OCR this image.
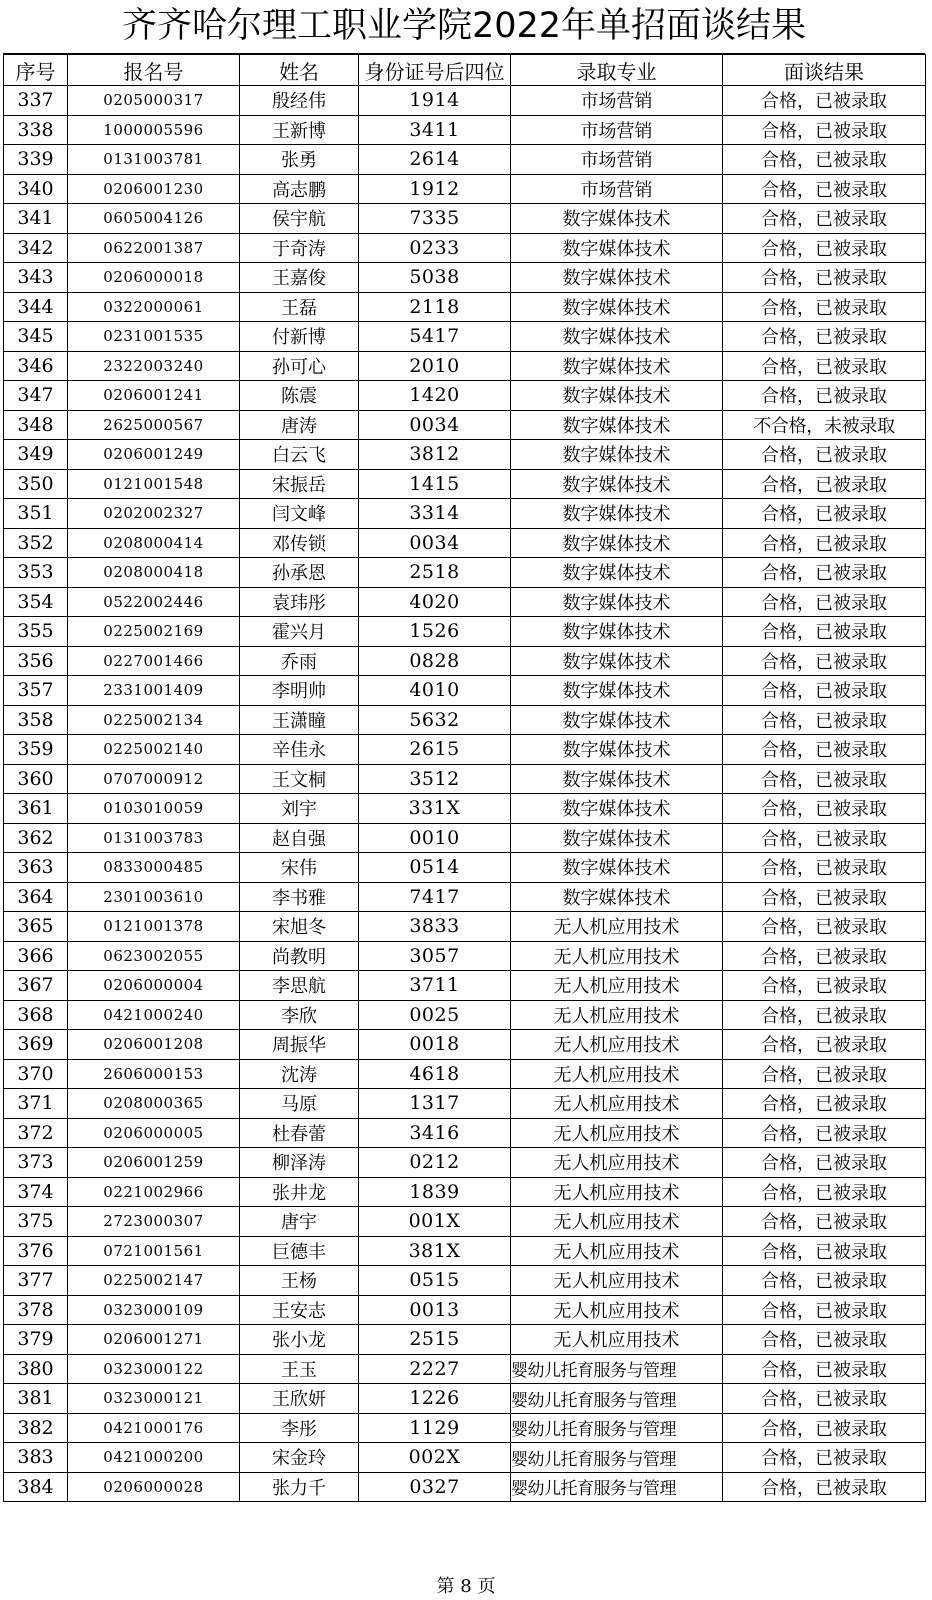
齐齐哈尔理工职业学院2022年单招面谈结果
序号	报名号	姓名	身份证号后四位	录取专业	面谈结果
337	0205000317	殷经伟	1914	市场营销	合格，已被录取
338	1000005596	王新博	3411	市场营销	合格，已被录取
339	0131003781	张勇	2614	市场营销	合格，已被录取
340	0206001230	高志鹏	1912	市场营销	合格，已被录取
341	0605004126	侯宇航	7335	数字媒体技术	合格，已被录取
342	0622001387	于奇涛	0233	数字媒体技术	合格，已被录取
343	0206000018	王嘉俊	5038	数字媒体技术	合格，已被录取
344	0322000061	王磊	2118	数字媒体技术	合格，已被录取
345	0231001535	付新博	5417	数字媒体技术	合格，已被录取
346	2322003240	孙可心	2010	数字媒体技术	合格，已被录取
347	0206001241	陈震	1420	数字媒体技术	合格，已被录取
348	2625000567	唐涛	0034	数字媒体技术	不合格，未被录取
349	0206001249	白云飞	3812	数字媒体技术	合格，已被录取
350	0121001548	宋振岳	1415	数字媒体技术	合格，已被录取
351	0202002327	闫文峰	3314	数字媒体技术	合格，已被录取
352	0208000414	邓传锁	0034	数字媒体技术	合格，已被录取
353	0208000418	孙承恩	2518	数字媒体技术	合格，已被录取
354	0522002446	袁玮彤	4020	数字媒体技术	合格，已被录取
355	0225002169	霍兴月	1526	数字媒体技术	合格，已被录取
356	0227001466	乔雨	0828	数字媒体技术	合格，已被录取
357	2331001409	李明帅	4010	数字媒体技术	合格，已被录取
358	0225002134	王潇瞳	5632	数字媒体技术	合格，已被录取
359	0225002140	辛佳永	2615	数字媒体技术	合格，已被录取
360	0707000912	王文桐	3512	数字媒体技术	合格，已被录取
361	0103010059	刘宇	331X	数字媒体技术	合格，已被录取
362	0131003783	赵自强	0010	数字媒体技术	合格，已被录取
363	0833000485	宋伟	0514	数字媒体技术	合格，已被录取
364	2301003610	李书雅	7417	数字媒体技术	合格，已被录取
365	0121001378	宋旭冬	3833	无人机应用技术	合格，已被录取
366	0623002055	尚教明	3057	无人机应用技术	合格，已被录取
367	0206000004	李思航	3711	无人机应用技术	合格，已被录取
368	0421000240	李欣	0025	无人机应用技术	合格，已被录取
369	0206001208	周振华	0018	无人机应用技术	合格，已被录取
370	2606000153	沈涛	4618	无人机应用技术	合格，已被录取
371	0208000365	马原	1317	无人机应用技术	合格，已被录取
372	0206000005	杜春蕾	3416	无人机应用技术	合格，已被录取
373	0206001259	柳泽涛	0212	无人机应用技术	合格，已被录取
374	0221002966	张井龙	1839	无人机应用技术	合格，已被录取
375	2723000307	唐宇	001X	无人机应用技术	合格，已被录取
376	0721001561	巨德丰	381X	无人机应用技术	合格，已被录取
377	0225002147	王杨	0515	无人机应用技术	合格，已被录取
378	0323000109	王安志	0013	无人机应用技术	合格，已被录取
379	0206001271	张小龙	2515	无人机应用技术	合格，已被录取
380	0323000122	王玉	2227	婴幼儿托育服务与管理	合格，已被录取
381	0323000121	王欣妍	1226	婴幼儿托育服务与管理	合格，已被录取
382	0421000176	李彤	1129	婴幼儿托育服务与管理	合格，已被录取
383	0421000200	宋金玲	002X	婴幼儿托育服务与管理	合格，已被录取
384	0206000028	张力千	0327	婴幼儿托育服务与管理	合格，已被录取
第 8 页
